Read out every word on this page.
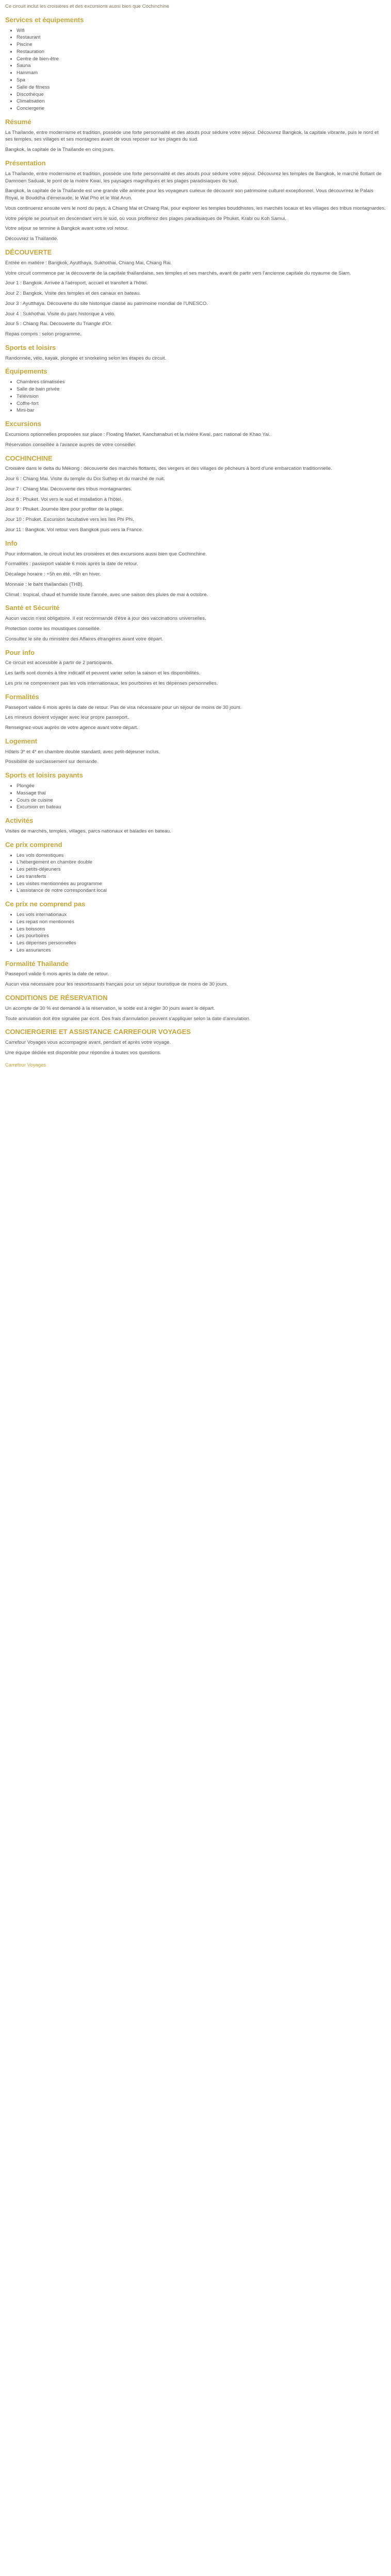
Ce circuit inclut les croisières et des excursions aussi bien que Cochinchine

Services et équipements
• Wifi
• Restaurant
• Piscine
• Restauration
• Centre de bien-être
• Sauna
• Hammam
• Spa
• Salle de fitness
• Discothèque
• Climatisation
• Conciergerie
Résumé

La Thaïlande, entre modernisme et tradition, possède une forte personnalité et des atouts pour séduire votre séjour. Découvrez Bangkok, la capitale vibrante, puis le nord et ses temples, ses villages et ses montagnes avant de vous reposer sur les plages du sud.

Bangkok, la capitale de la Thaïlande en cinq jours.

Présentation

La Thaïlande, entre modernisme et tradition, possède une forte personnalité et des atouts pour séduire votre séjour. Découvrez les temples de Bangkok, le marché flottant de Damnoen Saduak, le pont de la rivière Kwaï, les paysages magnifiques et les plages paradisiaques du sud.

Bangkok, la capitale de la Thaïlande est une grande ville animée pour les voyageurs curieux de découvrir son patrimoine culturel exceptionnel. Vous découvrirez le Palais Royal, le Bouddha d'émeraude, le Wat Pho et le Wat Arun.

Vous continuerez ensuite vers le nord du pays, à Chiang Mai et Chiang Rai, pour explorer les temples bouddhistes, les marchés locaux et les villages des tribus montagnardes.

Votre périple se poursuit en descendant vers le sud, où vous profiterez des plages paradisiaques de Phuket, Krabi ou Koh Samui.

Votre séjour se termine à Bangkok avant votre vol retour.

Découvrez la Thaïlande.

DÉCOUVERTE

Entrée en matière : Bangkok, Ayutthaya, Sukhothai, Chiang Mai, Chiang Rai.

Votre circuit commence par la découverte de la capitale thaïlandaise, ses temples et ses marchés, avant de partir vers l'ancienne capitale du royaume de Siam.

Jour 1 : Bangkok. Arrivée à l'aéroport, accueil et transfert à l'hôtel.

Jour 2 : Bangkok. Visite des temples et des canaux en bateau.

Jour 3 : Ayutthaya. Découverte du site historique classé au patrimoine mondial de l'UNESCO.

Jour 4 : Sukhothai. Visite du parc historique à vélo.

Jour 5 : Chiang Rai. Découverte du Triangle d'Or.

Repas compris : selon programme.

Sports et loisirs

Randonnée, vélo, kayak, plongée et snorkeling selon les étapes du circuit.

Équipements
• Chambres climatisées
• Salle de bain privée
• Télévision
• Coffre-fort
• Mini-bar
Excursions

Excursions optionnelles proposées sur place : Floating Market, Kanchanaburi et la rivière Kwaï, parc national de Khao Yai.

Réservation conseillée à l'avance auprès de votre conseiller.

COCHINCHINE

Croisière dans le delta du Mékong : découverte des marchés flottants, des vergers et des villages de pêcheurs à bord d'une embarcation traditionnelle.

Jour 6 : Chiang Mai. Visite du temple du Doi Suthep et du marché de nuit.

Jour 7 : Chiang Mai. Découverte des tribus montagnardes.

Jour 8 : Phuket. Vol vers le sud et installation à l'hôtel.

Jour 9 : Phuket. Journée libre pour profiter de la plage.

Jour 10 : Phuket. Excursion facultative vers les îles Phi Phi.

Jour 11 : Bangkok. Vol retour vers Bangkok puis vers la France.

Info

Pour information, le circuit inclut les croisières et des excursions aussi bien que Cochinchine.

Formalités : passeport valable 6 mois après la date de retour.

Décalage horaire : +5h en été, +6h en hiver.

Monnaie : le baht thaïlandais (THB).

Climat : tropical, chaud et humide toute l'année, avec une saison des pluies de mai à octobre.

Santé et Sécurité

Aucun vaccin n'est obligatoire. Il est recommandé d'être à jour des vaccinations universelles.

Protection contre les moustiques conseillée.

Consultez le site du ministère des Affaires étrangères avant votre départ.

Pour info

Ce circuit est accessible à partir de 2 participants.

Les tarifs sont donnés à titre indicatif et peuvent varier selon la saison et les disponibilités.

Les prix ne comprennent pas les vols internationaux, les pourboires et les dépenses personnelles.

Formalités

Passeport valide 6 mois après la date de retour. Pas de visa nécessaire pour un séjour de moins de 30 jours.

Les mineurs doivent voyager avec leur propre passeport.

Renseignez-vous auprès de votre agence avant votre départ.

Logement

Hôtels 3* et 4* en chambre double standard, avec petit-déjeuner inclus.

Possibilité de surclassement sur demande.

Sports et loisirs payants
• Plongée
• Massage thaï
• Cours de cuisine
• Excursion en bateau
Activités

Visites de marchés, temples, villages, parcs nationaux et balades en bateau.

Ce prix comprend
• Les vols domestiques
• L'hébergement en chambre double
• Les petits-déjeuners
• Les transferts
• Les visites mentionnées au programme
• L'assistance de notre correspondant local
Ce prix ne comprend pas
• Les vols internationaux
• Les repas non mentionnés
• Les boissons
• Les pourboires
• Les dépenses personnelles
• Les assurances
Formalité Thaïlande

Passeport valide 6 mois après la date de retour.

Aucun visa nécessaire pour les ressortissants français pour un séjour touristique de moins de 30 jours.

CONDITIONS DE RÉSERVATION

Un acompte de 30 % est demandé à la réservation, le solde est à régler 30 jours avant le départ.

Toute annulation doit être signalée par écrit. Des frais d'annulation peuvent s'appliquer selon la date d'annulation.

CONCIERGERIE ET ASSISTANCE CARREFOUR VOYAGES

Carrefour Voyages vous accompagne avant, pendant et après votre voyage.

Une équipe dédiée est disponible pour répondre à toutes vos questions.

Carrefour Voyages
